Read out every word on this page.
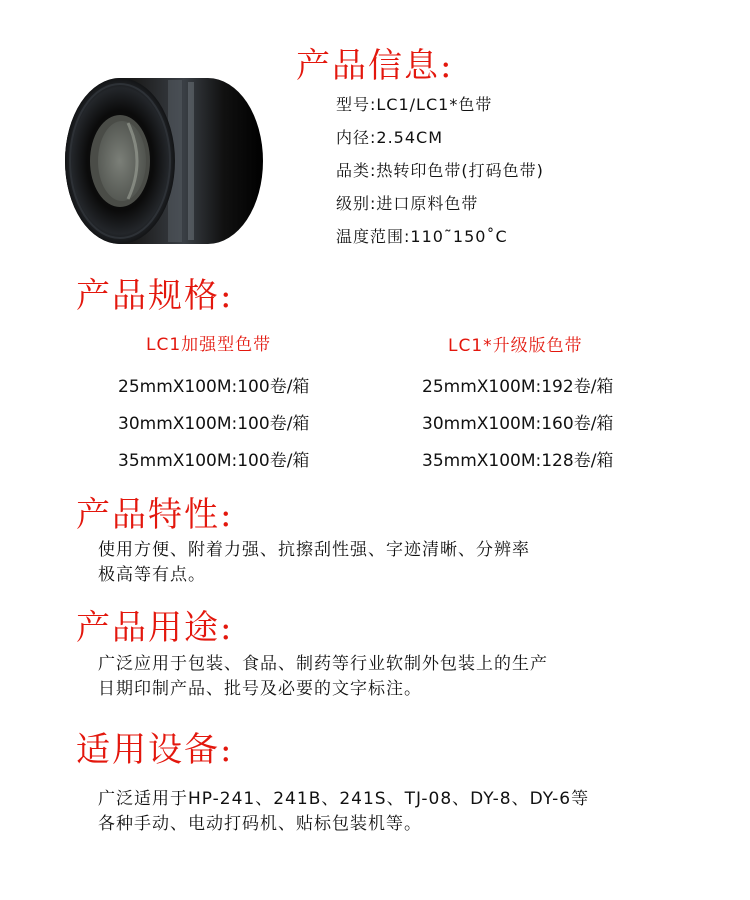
产品信息:
型号:LC1/LC1*色带
内径:2.54CM
品类:热转印色带(打码色带)
级别:进口原料色带
温度范围:110˜150˚C
产品规格:
LC1加强型色带
25mmX100M:100卷/箱
30mmX100M:100卷/箱
35mmX100M:100卷/箱
LC1*升级版色带
25mmX100M:192卷/箱
30mmX100M:160卷/箱
35mmX100M:128卷/箱
产品特性:
使用方便、附着力强、抗擦刮性强、字迹清晰、分辨率
极高等有点。
产品用途:
广泛应用于包装、食品、制药等行业软制外包装上的生产
日期印制产品、批号及必要的文字标注。
适用设备:
广泛适用于HP-241、241B、241S、TJ-08、DY-8、DY-6等
各种手动、电动打码机、贴标包装机等。
